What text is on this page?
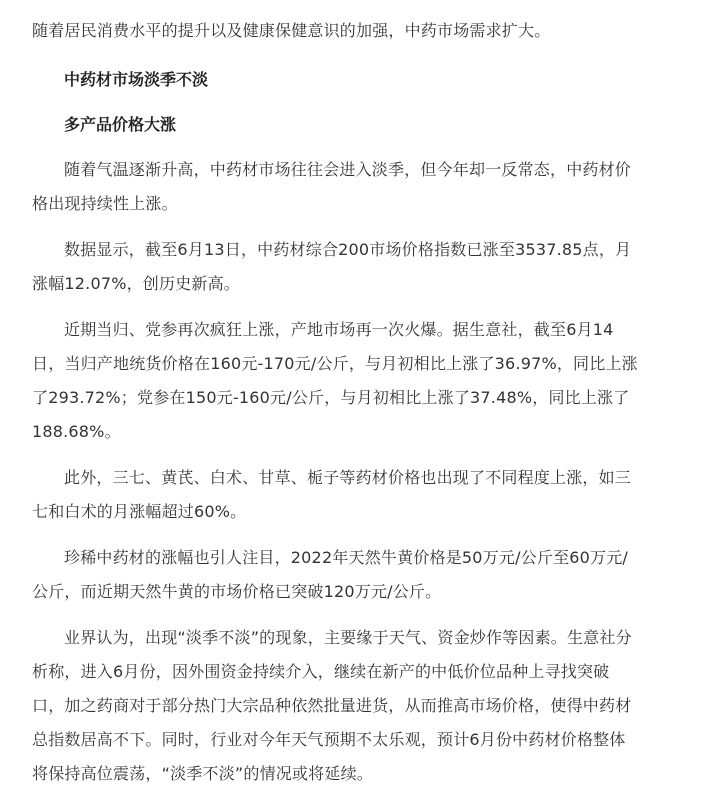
随着居民消费水平的提升以及健康保健意识的加强，中药市场需求扩大。

中药材市场淡季不淡

多产品价格大涨

随着气温逐渐升高，中药材市场往往会进入淡季，但今年却一反常态，中药材价格出现持续性上涨。

数据显示，截至6月13日，中药材综合200市场价格指数已涨至3537.85点，月涨幅12.07%，创历史新高。

近期当归、党参再次疯狂上涨，产地市场再一次火爆。据生意社，截至6月14日，当归产地统货价格在160元-170元/公斤，与月初相比上涨了36.97%，同比上涨了293.72%；党参在150元-160元/公斤，与月初相比上涨了37.48%，同比上涨了188.68%。

此外，三七、黄芪、白术、甘草、栀子等药材价格也出现了不同程度上涨，如三七和白术的月涨幅超过60%。

珍稀中药材的涨幅也引人注目，2022年天然牛黄价格是50万元/公斤至60万元/公斤，而近期天然牛黄的市场价格已突破120万元/公斤。

业界认为，出现“淡季不淡”的现象，主要缘于天气、资金炒作等因素。生意社分析称，进入6月份，因外围资金持续介入，继续在新产的中低价位品种上寻找突破口，加之药商对于部分热门大宗品种依然批量进货，从而推高市场价格，使得中药材总指数居高不下。同时，行业对今年天气预期不太乐观，预计6月份中药材价格整体将保持高位震荡，“淡季不淡”的情况或将延续。
